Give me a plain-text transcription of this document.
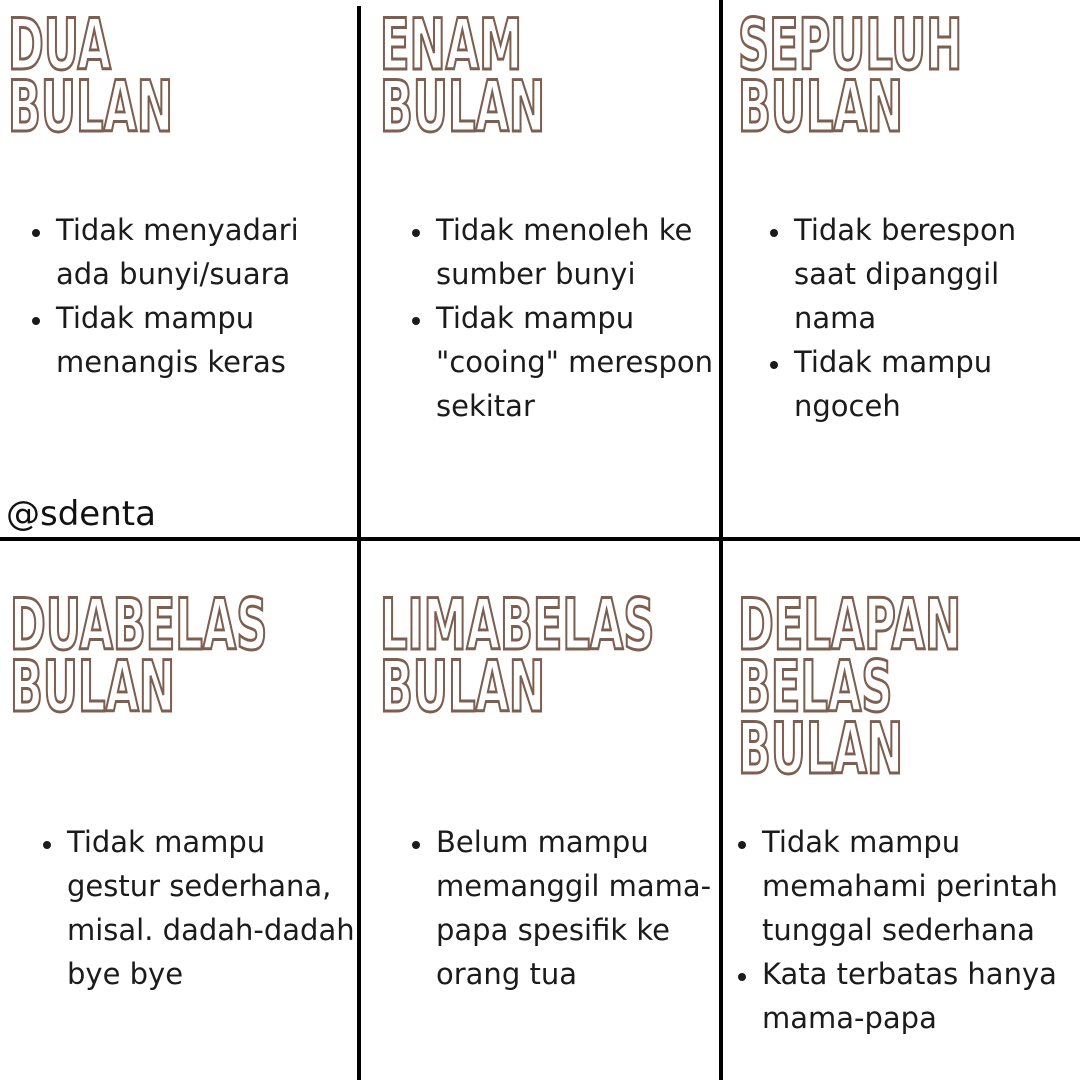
DUA
BULAN
• Tidak menyadari ada bunyi/suara
• Tidak mampu menangis keras
ENAM
BULAN
• Tidak menoleh ke sumber bunyi
• Tidak mampu "cooing" merespon sekitar
SEPULUH
BULAN
• Tidak berespon saat dipanggil nama
• Tidak mampu ngoceh
@sdenta
DUABELAS
BULAN
• Tidak mampu gestur sederhana, misal. dadah-dadah bye bye
LIMABELAS
BULAN
• Belum mampu memanggil mama-papa spesifik ke orang tua
DELAPAN
BELAS
BULAN
• Tidak mampu memahami perintah tunggal sederhana
• Kata terbatas hanya mama-papa
